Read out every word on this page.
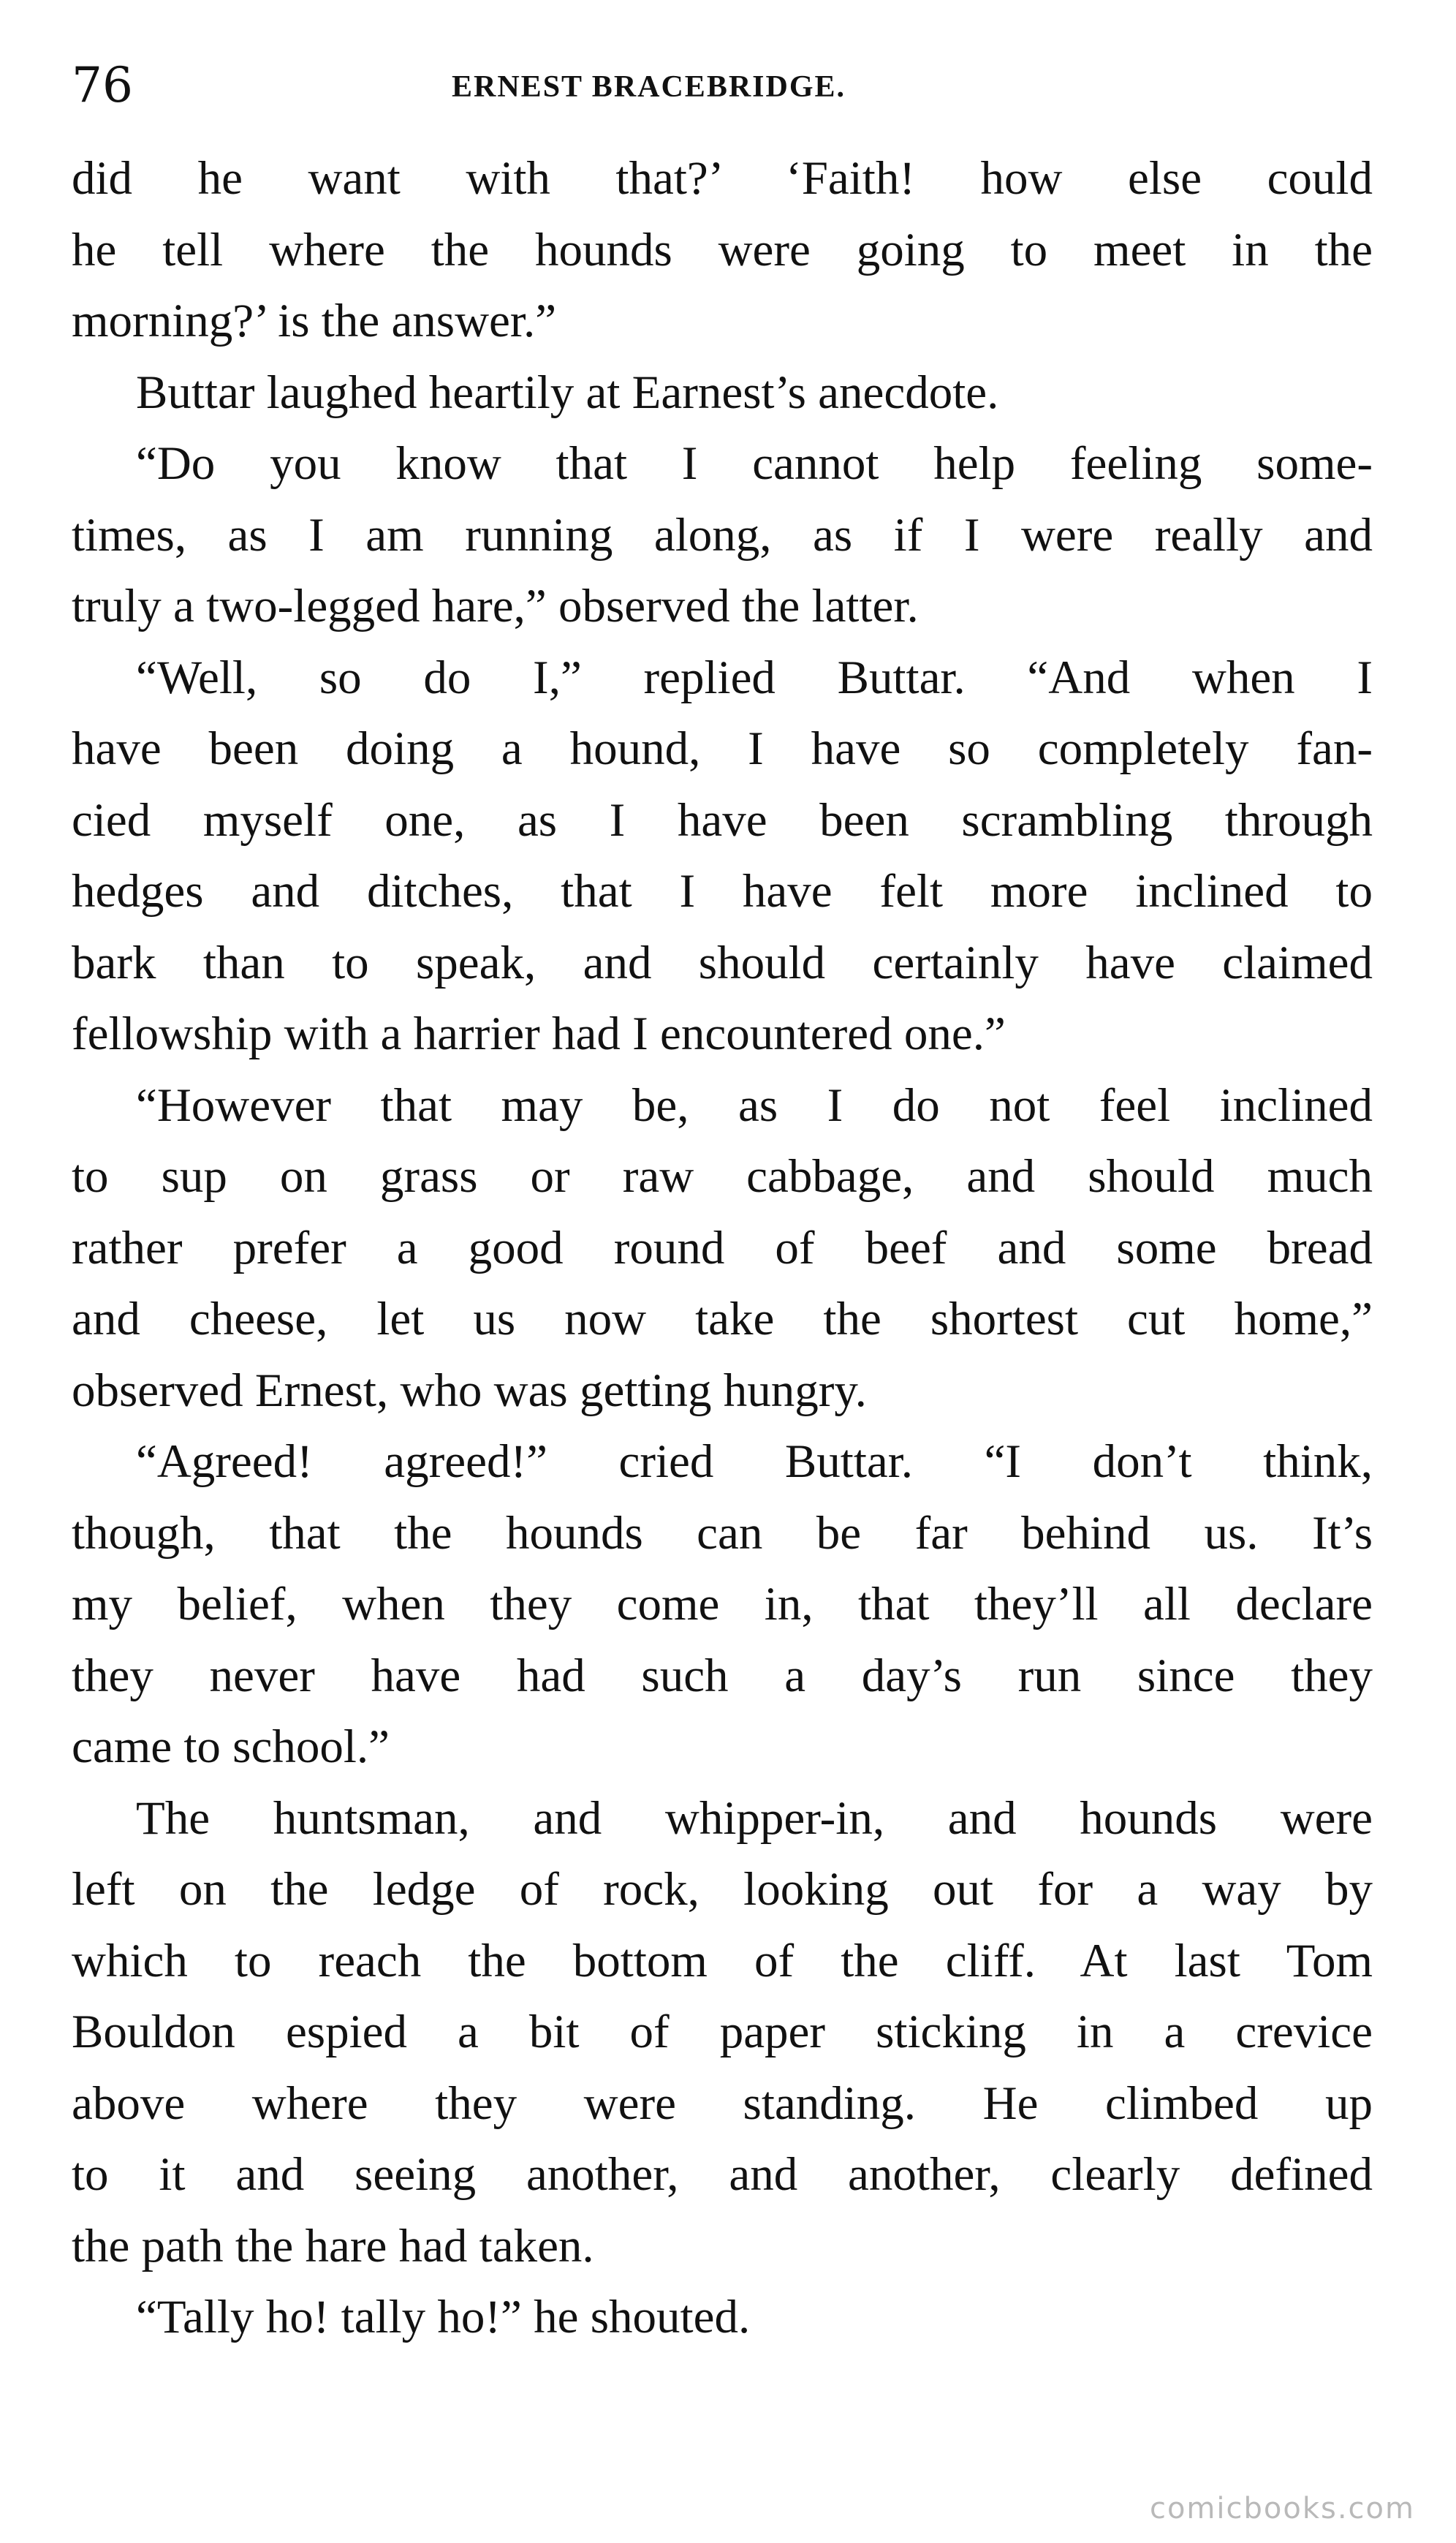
76	ERNEST BRACEBRIDGE.
did he want with that?’ ‘Faith! how else could
he tell where the hounds were going to meet in the
morning?’ is the answer.”
Buttar laughed heartily at Earnest’s anecdote.
“Do you know that I cannot help feeling some-
times, as I am running along, as if I were really and
truly a two-legged hare,” observed the latter.
“Well, so do I,” replied Buttar. “And when I
have been doing a hound, I have so completely fan-
cied myself one, as I have been scrambling through
hedges and ditches, that I have felt more inclined to
bark than to speak, and should certainly have claimed
fellowship with a harrier had I encountered one.”
“However that may be, as I do not feel inclined
to sup on grass or raw cabbage, and should much
rather prefer a good round of beef and some bread
and cheese, let us now take the shortest cut home,”
observed Ernest, who was getting hungry.
“Agreed! agreed!” cried Buttar. “I don’t think,
though, that the hounds can be far behind us. It’s
my belief, when they come in, that they’ll all declare
they never have had such a day’s run since they
came to school.”
The huntsman, and whipper-in, and hounds were
left on the ledge of rock, looking out for a way by
which to reach the bottom of the cliff. At last Tom
Bouldon espied a bit of paper sticking in a crevice
above where they were standing. He climbed up
to it and seeing another, and another, clearly defined
the path the hare had taken.
“Tally ho! tally ho!” he shouted.
comicbooks.com
